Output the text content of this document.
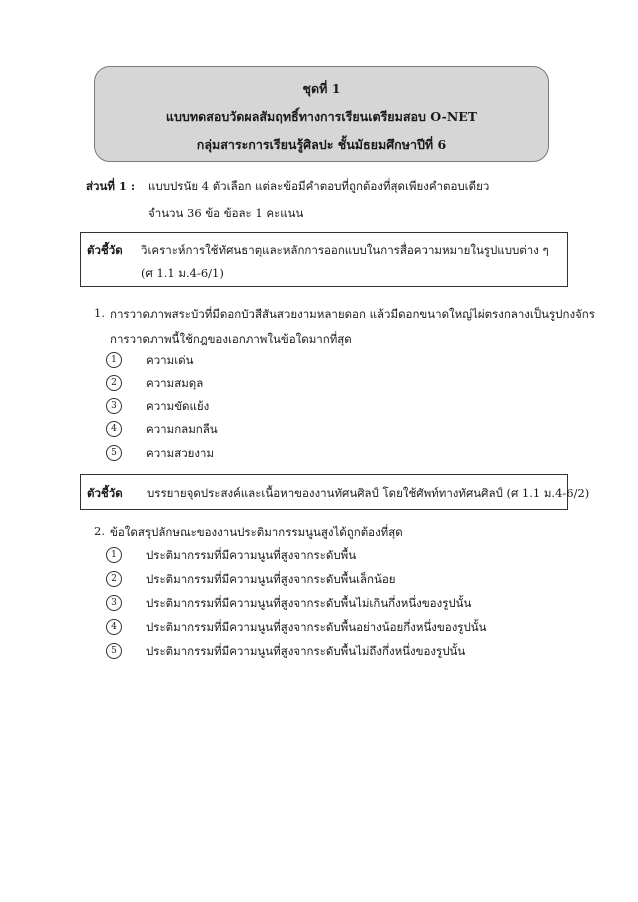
ชุดที่ 1
แบบทดสอบวัดผลสัมฤทธิ์ทางการเรียนเตรียมสอบ O-NET
กลุ่มสาระการเรียนรู้ศิลปะ ชั้นมัธยมศึกษาปีที่ 6
ส่วนที่ 1 : แบบปรนัย 4 ตัวเลือก แต่ละข้อมีคำตอบที่ถูกต้องที่สุดเพียงคำตอบเดียว
จำนวน 36 ข้อ ข้อละ 1 คะแนน
ตัวชี้วัด วิเคราะห์การใช้ทัศนธาตุและหลักการออกแบบในการสื่อความหมายในรูปแบบต่าง ๆ
(ศ 1.1 ม.4-6/1)
1. การวาดภาพสระบัวที่มีดอกบัวสีสันสวยงามหลายดอก แล้วมีดอกขนาดใหญ่ไผ่ตรงกลางเป็นรูปกงจักร
การวาดภาพนี้ใช้กฎของเอกภาพในข้อใดมากที่สุด
1	ความเด่น
2	ความสมดุล
3	ความขัดแย้ง
4	ความกลมกลืน
5	ความสวยงาม
ตัวชี้วัด บรรยายจุดประสงค์และเนื้อหาของงานทัศนศิลป์ โดยใช้ศัพท์ทางทัศนศิลป์ (ศ 1.1 ม.4-6/2)
2. ข้อใดสรุปลักษณะของงานประติมากรรมนูนสูงได้ถูกต้องที่สุด
1	ประติมากรรมที่มีความนูนที่สูงจากระดับพื้น
2	ประติมากรรมที่มีความนูนที่สูงจากระดับพื้นเล็กน้อย
3	ประติมากรรมที่มีความนูนที่สูงจากระดับพื้นไม่เกินกึ่งหนึ่งของรูปนั้น
4	ประติมากรรมที่มีความนูนที่สูงจากระดับพื้นอย่างน้อยกึ่งหนึ่งของรูปนั้น
5	ประติมากรรมที่มีความนูนที่สูงจากระดับพื้นไม่ถึงกึ่งหนึ่งของรูปนั้น
